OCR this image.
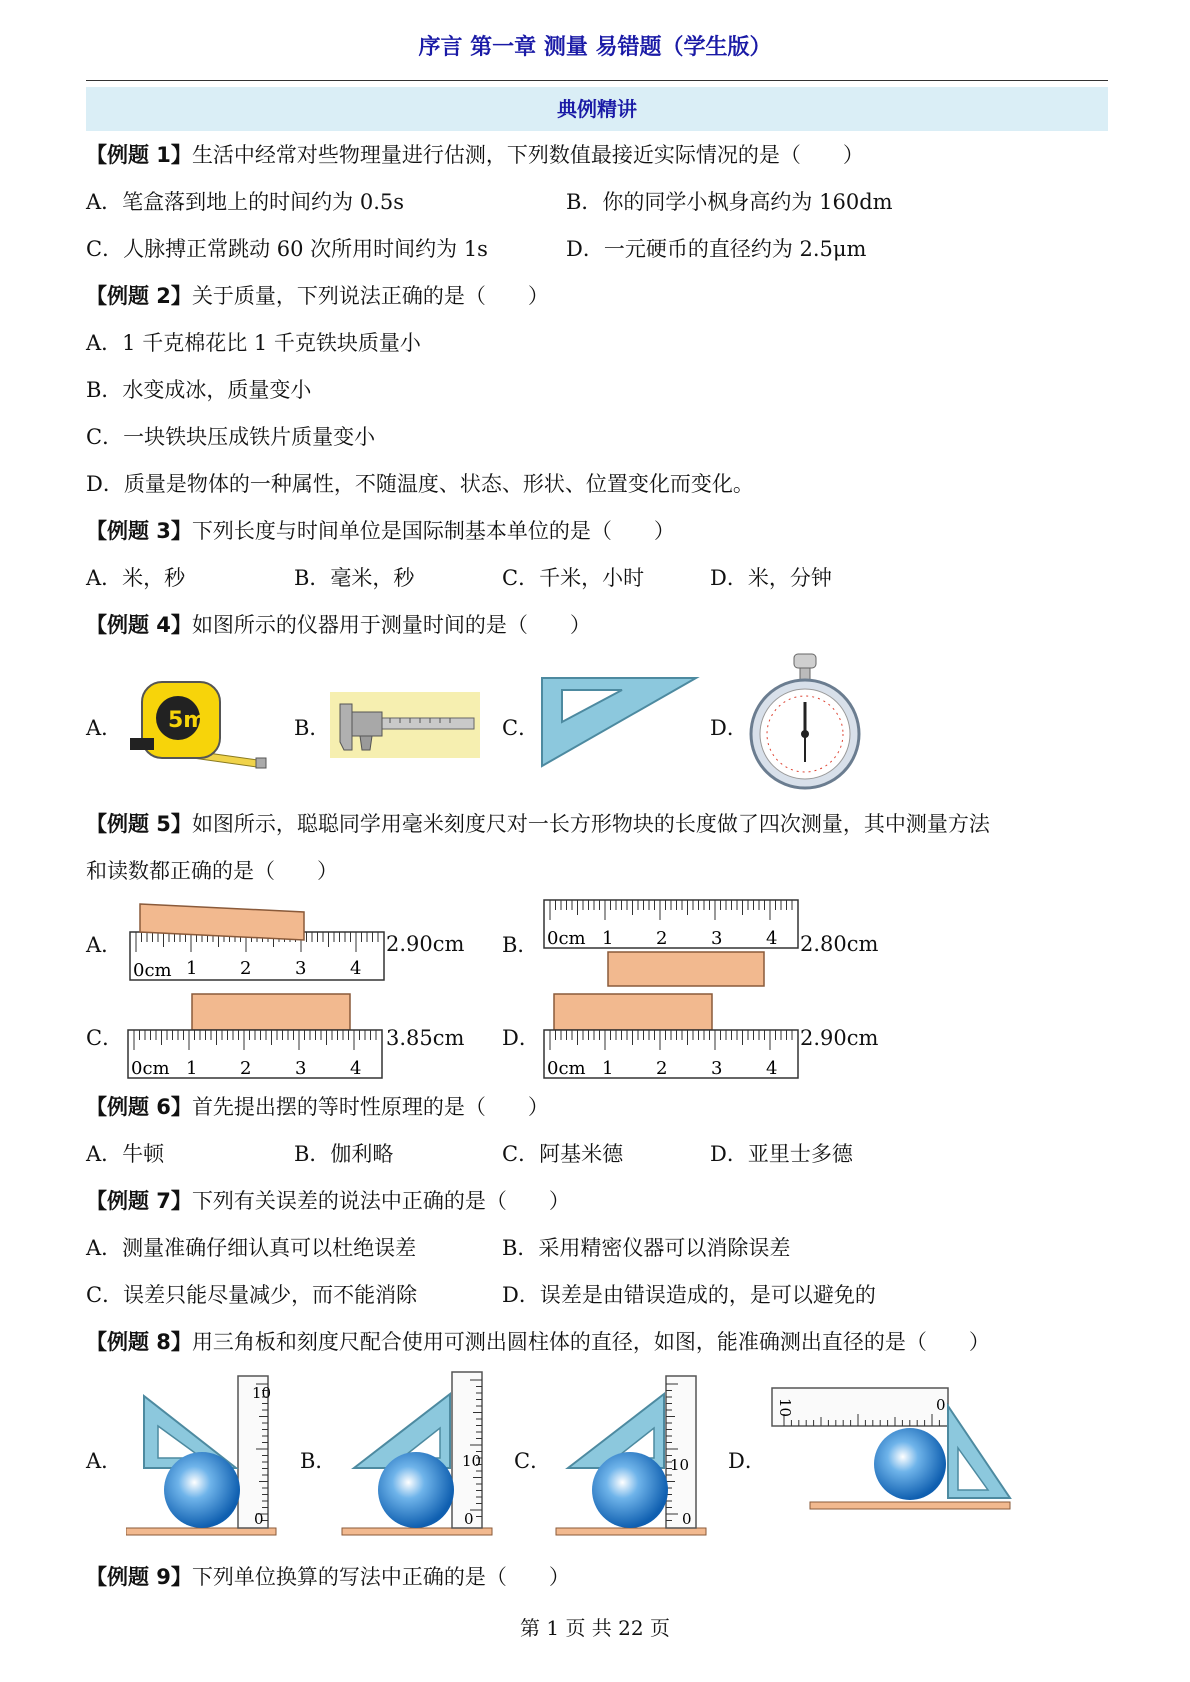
序言 第一章 测量 易错题（学生版）
典例精讲
【例题 1】生活中经常对些物理量进行估测，下列数值最接近实际情况的是（　　）
A．笔盒落到地上的时间约为 0.5s	B．你的同学小枫身高约为 160dm
C．人脉搏正常跳动 60 次所用时间约为 1s	D．一元硬币的直径约为 2.5μm
【例题 2】关于质量，下列说法正确的是（　　）
A．1 千克棉花比 1 千克铁块质量小
B．水变成冰，质量变小
C．一块铁块压成铁片质量变小
D．质量是物体的一种属性，不随温度、状态、形状、位置变化而变化。
【例题 3】下列长度与时间单位是国际制基本单位的是（　　）
A．米，秒	B．毫米，秒	C．千米，小时	D．米，分钟
【例题 4】如图所示的仪器用于测量时间的是（　　）
A．	B．	C．	D．
5m
【例题 5】如图所示，聪聪同学用毫米刻度尺对一长方形物块的长度做了四次测量，其中测量方法
和读数都正确的是（　　）
A．	B．
C．	D．
0cm 1 2 3 4
2.90cm	0cm 1 2 3 4 2.80cm
0cm 1 2 3 4
3.85cm
0cm 1 2 3 4
2.90cm
【例题 6】首先提出摆的等时性原理的是（　　）
A．牛顿	B．伽利略	C．阿基米德	D．亚里士多德
【例题 7】下列有关误差的说法中正确的是（　　）
A．测量准确仔细认真可以杜绝误差	B．采用精密仪器可以消除误差
C．误差只能尽量减少，而不能消除	D．误差是由错误造成的，是可以避免的
【例题 8】用三角板和刻度尺配合使用可测出圆柱体的直径，如图，能准确测出直径的是（　　）
A．	B．	C．	D．
10
0
10
0
10
0
10	0
【例题 9】下列单位换算的写法中正确的是（　　）
第 1 页 共 22 页
